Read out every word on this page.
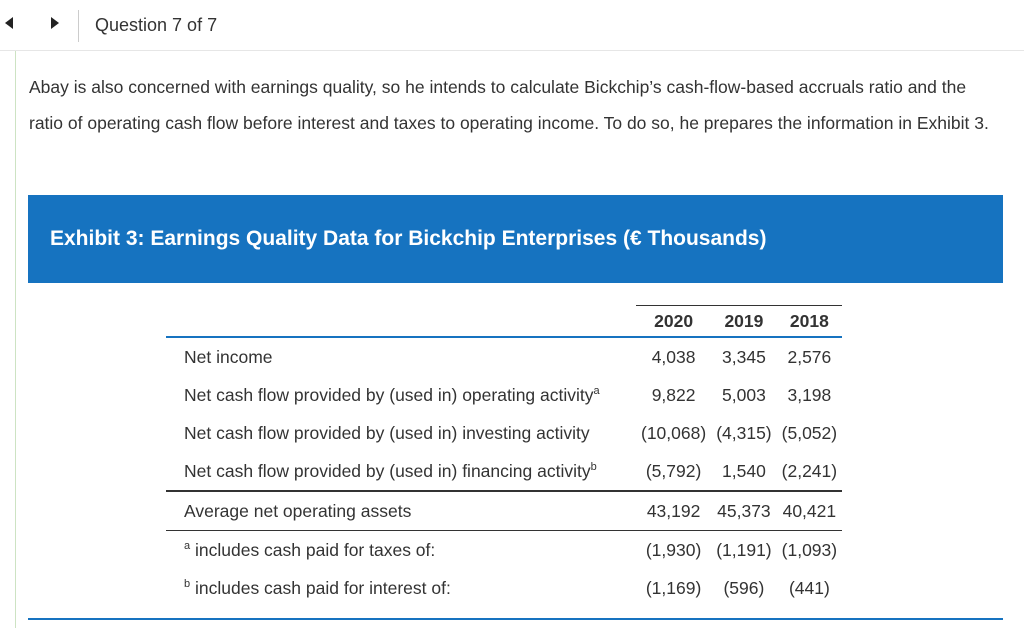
Question 7 of 7

Abay is also concerned with earnings quality, so he intends to calculate Bickchip’s cash-flow-based accruals ratio and the ratio of operating cash flow before interest and taxes to operating income. To do so, he prepares the information in Exhibit 3.

Exhibit 3: Earnings Quality Data for Bickchip Enterprises (€ Thousands)
	2020	2019	2018
Net income	4,038	3,345	2,576
Net cash flow provided by (used in) operating activity$^a$	9,822	5,003	3,198
Net cash flow provided by (used in) investing activity	(10,068)	(4,315)	(5,052)
Net cash flow provided by (used in) financing activity$^b$	(5,792)	1,540	(2,241)
Average net operating assets	43,192	45,373	40,421
$^a$ includes cash paid for taxes of:	(1,930)	(1,191)	(1,093)
$^b$ includes cash paid for interest of:	(1,169)	(596)	(441)
